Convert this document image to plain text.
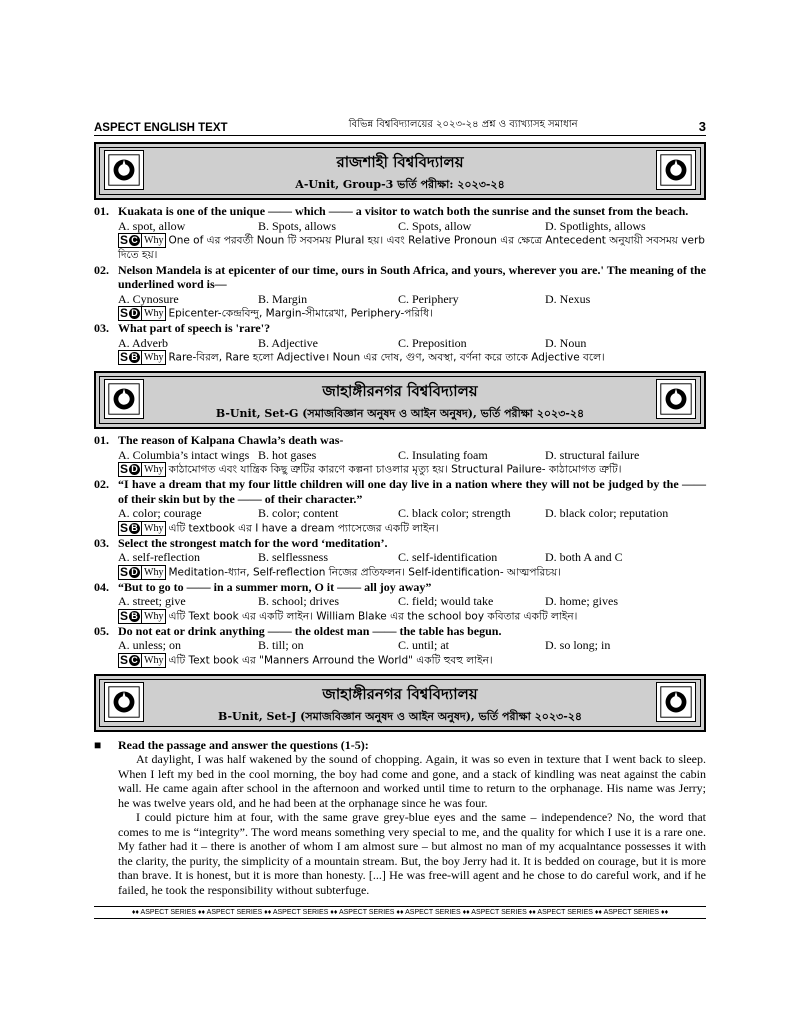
ASPECT ENGLISH TEXT	বিভিন্ন বিশ্ববিদ্যালয়ের ২০২৩-২৪ প্রশ্ন ও ব্যাখ্যাসহ সমাধান	3
রাজশাহী বিশ্ববিদ্যালয়
A-Unit, Group-3 ভর্তি পরীক্ষা: ২০২৩-২৪
01. Kuakata is one of the unique —— which —— a visitor to watch both the sunrise and the sunset from the beach.
A. spot, allow	B. Spots, allows	C. Spots, allow	D. Spotlights, allows
S C Why One of এর পরবর্তী Noun টি সবসময় Plural হয়। এবং Relative Pronoun এর ক্ষেত্রে Antecedent অনুযায়ী সবসময় verb দিতে হয়।
02. Nelson Mandela is at epicenter of our time, ours in South Africa, and yours, wherever you are.' The meaning of the underlined word is—
A. Cynosure	B. Margin	C. Periphery	D. Nexus
S D Why Epicenter-কেন্দ্রবিন্দু, Margin-সীমারেখা, Periphery-পরিধি।
03. What part of speech is 'rare'?
A. Adverb	B. Adjective	C. Preposition	D. Noun
S B Why Rare-বিরল, Rare হলো Adjective। Noun এর দোষ, গুণ, অবস্থা, বর্ণনা করে তাকে Adjective বলে।
জাহাঙ্গীরনগর বিশ্ববিদ্যালয়
B-Unit, Set-G (সমাজবিজ্ঞান অনুষদ ও আইন অনুষদ), ভর্তি পরীক্ষা ২০২৩-২৪
01. The reason of Kalpana Chawla’s death was-
A. Columbia’s intact wings B. hot gases	C. Insulating foam	D. structural failure
S D Why কাঠামোগত এবং যান্ত্রিক কিছু ত্রুটির কারণে কল্পনা চাওলার মৃত্যু হয়। Structural Pailure- কাঠামোগত ত্রুটি।
02. “I have a dream that my four little children will one day live in a nation where they will not be judged by the —— of their skin but by the —— of their character.”
A. color; courage	B. color; content	C. black color; strength	D. black color; reputation
S B Why এটি textbook এর I have a dream প্যাসেজের একটি লাইন।
03. Select the strongest match for the word ‘meditation’.
A. self-reflection	B. selflessness	C. self-identification	D. both A and C
S D Why Meditation-ধ্যান, Self-reflection নিজের প্রতিফলন। Self-identification- আত্মপরিচয়।
04. “But to go to —— in a summer morn, O it —— all joy away”
A. street; give	B. school; drives	C. field; would take	D. home; gives
S B Why এটি Text book এর একটি লাইন। William Blake এর the school boy কবিতার একটি লাইন।
05. Do not eat or drink anything —— the oldest man —— the table has begun.
A. unless; on	B. till; on	C. until; at	D. so long; in
S C Why এটি Text book এর "Manners Arround the World" একটি হুবহু লাইন।
জাহাঙ্গীরনগর বিশ্ববিদ্যালয়
B-Unit, Set-J (সমাজবিজ্ঞান অনুষদ ও আইন অনুষদ), ভর্তি পরীক্ষা ২০২৩-২৪
■	Read the passage and answer the questions (1-5):

At daylight, I was half wakened by the sound of chopping. Again, it was so even in texture that I went back to sleep. When I left my bed in the cool morning, the boy had come and gone, and a stack of kindling was neat against the cabin wall. He came again after school in the afternoon and worked until time to return to the orphanage. His name was Jerry; he was twelve years old, and he had been at the orphanage since he was four.

I could picture him at four, with the same grave grey-blue eyes and the same – independence? No, the word that comes to me is “integrity”. The word means something very special to me, and the quality for which I use it is a rare one. My father had it – there is another of whom I am almost sure – but almost no man of my acqualntance possesses it with the clarity, the purity, the simplicity of a mountain stream. But, the boy Jerry had it. It is bedded on courage, but it is more than brave. It is honest, but it is more than honesty. [...] He was free-will agent and he chose to do careful work, and if he failed, he took the responsibility without subterfuge.

♦♦ ASPECT SERIES ♦♦ ASPECT SERIES ♦♦ ASPECT SERIES ♦♦ ASPECT SERIES ♦♦ ASPECT SERIES ♦♦ ASPECT SERIES ♦♦ ASPECT SERIES ♦♦ ASPECT SERIES ♦♦
